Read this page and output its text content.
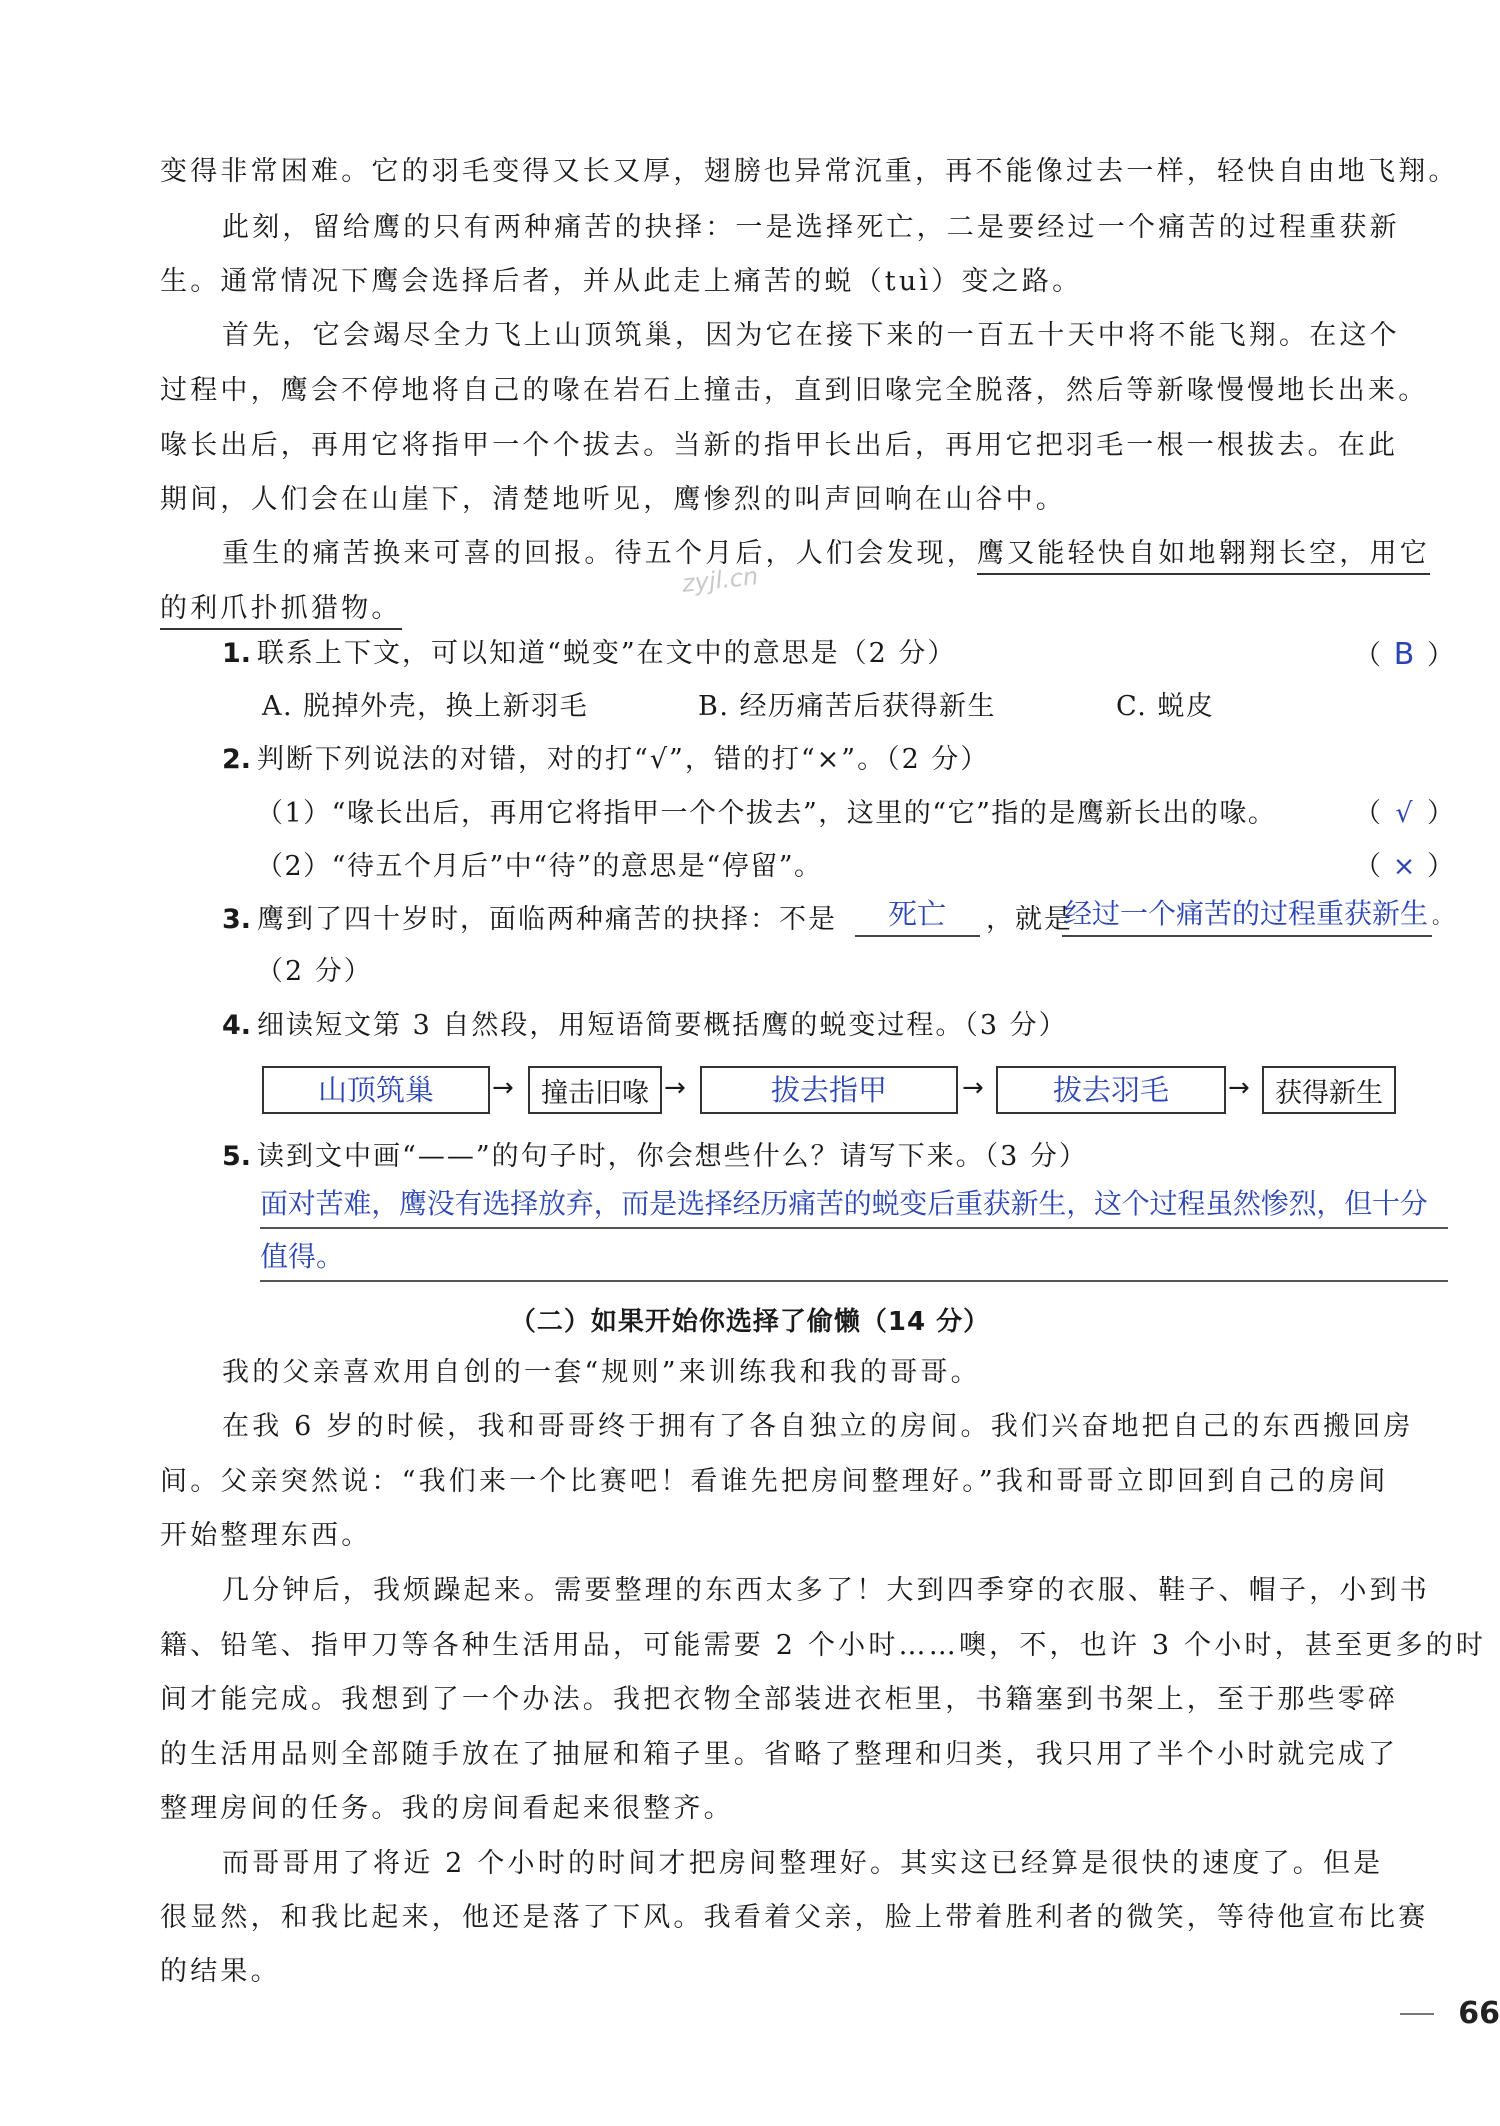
变得非常困难。它的羽毛变得又长又厚，翅膀也异常沉重，再不能像过去一样，轻快自由地飞翔。
此刻，留给鹰的只有两种痛苦的抉择：一是选择死亡，二是要经过一个痛苦的过程重获新
生。通常情况下鹰会选择后者，并从此走上痛苦的蜕（tuì）变之路。
首先，它会竭尽全力飞上山顶筑巢，因为它在接下来的一百五十天中将不能飞翔。在这个
过程中，鹰会不停地将自己的喙在岩石上撞击，直到旧喙完全脱落，然后等新喙慢慢地长出来。
喙长出后，再用它将指甲一个个拔去。当新的指甲长出后，再用它把羽毛一根一根拔去。在此
期间，人们会在山崖下，清楚地听见，鹰惨烈的叫声回响在山谷中。
重生的痛苦换来可喜的回报。待五个月后，人们会发现，鹰又能轻快自如地翱翔长空，用它
的利爪扑抓猎物。
zyjl.cn
1. 联系上下文，可以知道“蜕变”在文中的意思是（2 分）	（ B ）
A. 脱掉外壳，换上新羽毛	B. 经历痛苦后获得新生	C. 蜕皮
2. 判断下列说法的对错，对的打“√”，错的打“×”。（2 分）
（1）“喙长出后，再用它将指甲一个个拔去”，这里的“它”指的是鹰新长出的喙。	（ √ ）
（2）“待五个月后”中“待”的意思是“停留”。	（ × ）
3. 鹰到了四十岁时，面临两种痛苦的抉择：不是 死亡 ，就是
经过一个痛苦的过程重获新生 。
（2 分）
4. 细读短文第 3 自然段，用短语简要概括鹰的蜕变过程。（3 分）
山顶筑巢 → 撞击旧喙 →	拔去指甲	→ 拔去羽毛 → 获得新生
5. 读到文中画“——”的句子时，你会想些什么？请写下来。（3 分）
面对苦难，鹰没有选择放弃，而是选择经历痛苦的蜕变后重获新生，这个过程虽然惨烈，但十分
值得。
（二）如果开始你选择了偷懒（14 分）
我的父亲喜欢用自创的一套“规则”来训练我和我的哥哥。
在我 6 岁的时候，我和哥哥终于拥有了各自独立的房间。我们兴奋地把自己的东西搬回房
间。父亲突然说：“我们来一个比赛吧！看谁先把房间整理好。”我和哥哥立即回到自己的房间
开始整理东西。
几分钟后，我烦躁起来。需要整理的东西太多了！大到四季穿的衣服、鞋子、帽子，小到书
籍、铅笔、指甲刀等各种生活用品，可能需要 2 个小时……噢，不，也许 3 个小时，甚至更多的时
间才能完成。我想到了一个办法。我把衣物全部装进衣柜里，书籍塞到书架上，至于那些零碎
的生活用品则全部随手放在了抽屉和箱子里。省略了整理和归类，我只用了半个小时就完成了
整理房间的任务。我的房间看起来很整齐。
而哥哥用了将近 2 个小时的时间才把房间整理好。其实这已经算是很快的速度了。但是
很显然，和我比起来，他还是落了下风。我看着父亲，脸上带着胜利者的微笑，等待他宣布比赛
的结果。
66
